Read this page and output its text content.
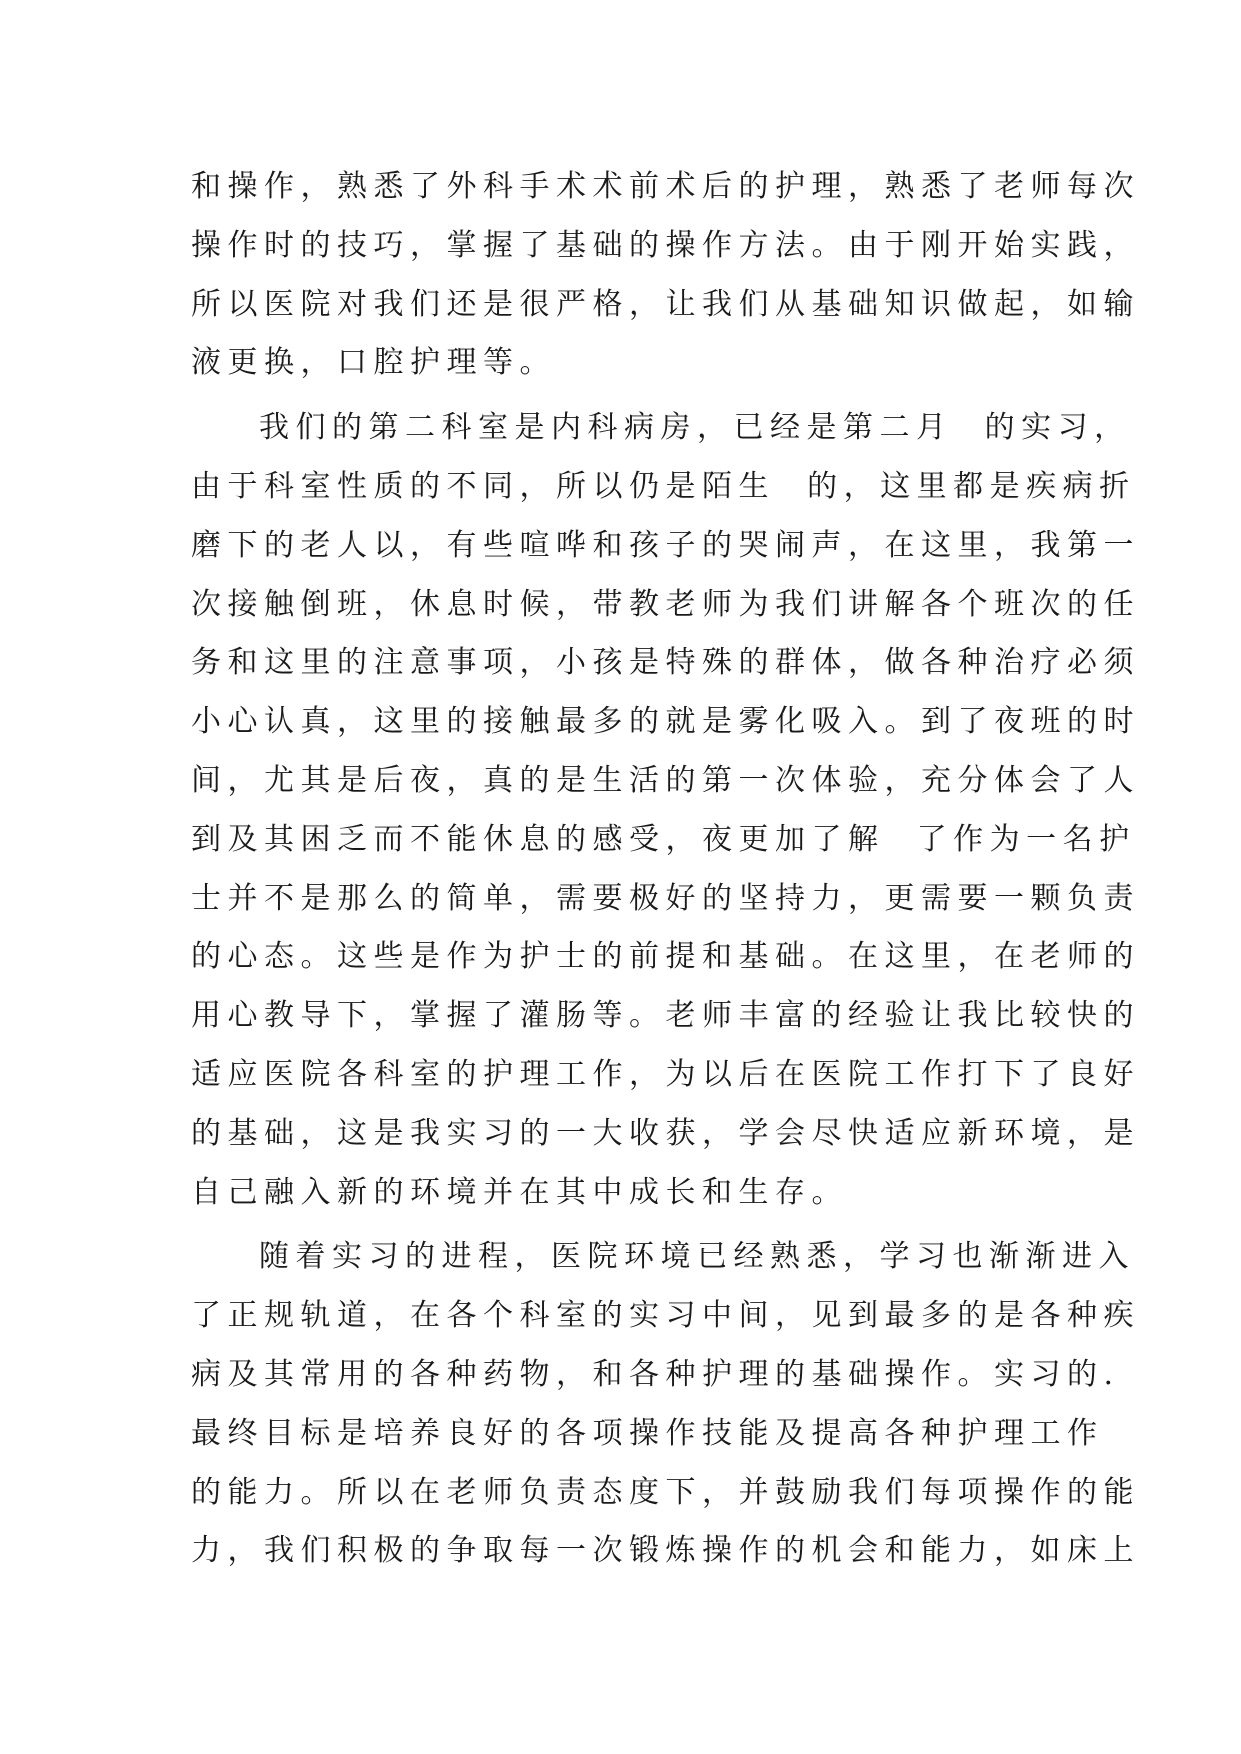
和操作，熟悉了外科手术术前术后的护理，熟悉了老师每次
操作时的技巧，掌握了基础的操作方法。由于刚开始实践，
所以医院对我们还是很严格，让我们从基础知识做起，如输
液更换，口腔护理等。
我们的第二科室是内科病房，已经是第二月  的实习，
由于科室性质的不同，所以仍是陌生  的，这里都是疾病折
磨下的老人以，有些喧哗和孩子的哭闹声，在这里，我第一
次接触倒班，休息时候，带教老师为我们讲解各个班次的任
务和这里的注意事项，小孩是特殊的群体，做各种治疗必须
小心认真，这里的接触最多的就是雾化吸入。到了夜班的时
间，尤其是后夜，真的是生活的第一次体验，充分体会了人
到及其困乏而不能休息的感受，夜更加了解  了作为一名护
士并不是那么的简单，需要极好的坚持力，更需要一颗负责
的心态。这些是作为护士的前提和基础。在这里，在老师的
用心教导下，掌握了灌肠等。老师丰富的经验让我比较快的
适应医院各科室的护理工作，为以后在医院工作打下了良好
的基础，这是我实习的一大收获，学会尽快适应新环境，是
自己融入新的环境并在其中成长和生存。
随着实习的进程，医院环境已经熟悉，学习也渐渐进入
了正规轨道，在各个科室的实习中间，见到最多的是各种疾
病及其常用的各种药物，和各种护理的基础操作。实习的.
最终目标是培养良好的各项操作技能及提高各种护理工作
的能力。所以在老师负责态度下，并鼓励我们每项操作的能
力，我们积极的争取每一次锻炼操作的机会和能力，如床上
